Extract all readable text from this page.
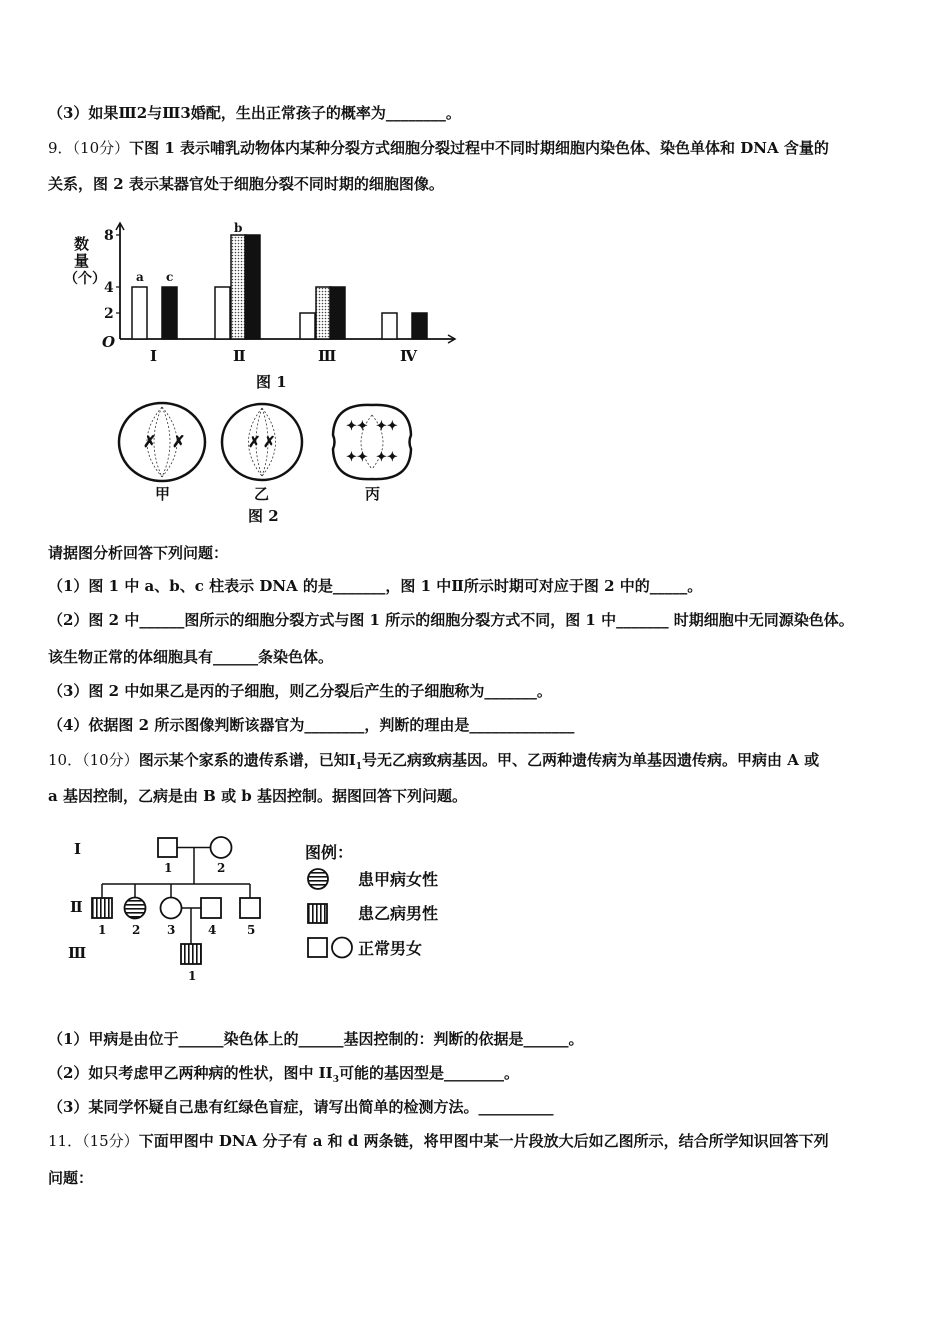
（3）如果Ⅲ2与Ⅲ3婚配，生出正常孩子的概率为________。
9．（10分）下图 1 表示哺乳动物体内某种分裂方式细胞分裂过程中不同时期细胞内染色体、染色单体和 DNA 含量的
关系，图 2 表示某器官处于细胞分裂不同时期的细胞图像。
数
量
（个）
O
2
4
8
Ⅰ	Ⅱ	Ⅲ	Ⅳ
a c
b
图 1
✗ ✗	✗ ✗
✦✦ ✦✦
✦✦ ✦✦
甲	乙	丙
图 2
请据图分析回答下列问题：
（1）图 1 中 a、b、c 柱表示 DNA 的是_______，图 1 中Ⅱ所示时期可对应于图 2 中的_____。
（2）图 2 中______图所示的细胞分裂方式与图 1 所示的细胞分裂方式不同，图 1 中_______ 时期细胞中无同源染色体。
该生物正常的体细胞具有______条染色体。
（3）图 2 中如果乙是丙的子细胞，则乙分裂后产生的子细胞称为_______。
（4）依据图 2 所示图像判断该器官为________，判断的理由是______________
10．（10分）图示某个家系的遗传系谱，已知$Ⅰ_1$号无乙病致病基因。甲、乙两种遗传病为单基因遗传病。甲病由 A 或
a 基因控制，乙病是由 B 或 b 基因控制。据图回答下列问题。
Ⅰ
Ⅱ
Ⅲ
1	2
1 2 3	4	5
1
图例：
患甲病女性
患乙病男性
正常男女
（1）甲病是由位于______染色体上的______基因控制的：判断的依据是______。
（2）如只考虑甲乙两种病的性状，图中 $II_3$可能的基因型是________。
（3）某同学怀疑自己患有红绿色盲症，请写出简单的检测方法。__________
11．（15分）下面甲图中 DNA 分子有 a 和 d 两条链，将甲图中某一片段放大后如乙图所示，结合所学知识回答下列
问题：
